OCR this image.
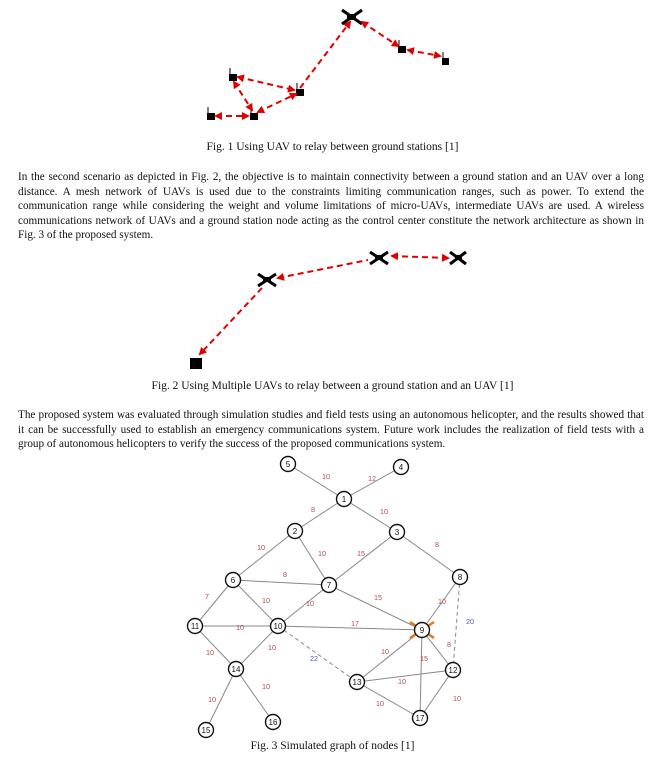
Fig. 1 Using UAV to relay between ground stations [1]

In the second scenario as depicted in Fig. 2, the objective is to maintain connectivity between a ground station and an UAV over a long distance. A mesh network of UAVs is used due to the constraints limiting communication ranges, such as power. To extend the communication range while considering the weight and volume limitations of micro-UAVs, intermediate UAVs are used. A wireless communications network of UAVs and a ground station node acting as the control center constitute the network architecture as shown in Fig. 3 of the proposed system.

Fig. 2 Using Multiple UAVs to relay between a ground station and an UAV [1]

The proposed system was evaluated through simulation studies and field tests using an autonomous helicopter, and the results showed that it can be successfully used to establish an emergency communications system. Future work includes the realization of field tests with a group of autonomous helicopters to verify the success of the proposed communications system.

10	12
8	10
10
10	15
8
8
10
7
10
15
10	17	20
8
10
22
10	10
15
10
10
10
10
10
10
1
2	3
4
5
6
7
8
9
10
11
12
13
14
15
16	17
Fig. 3 Simulated graph of nodes [1]
